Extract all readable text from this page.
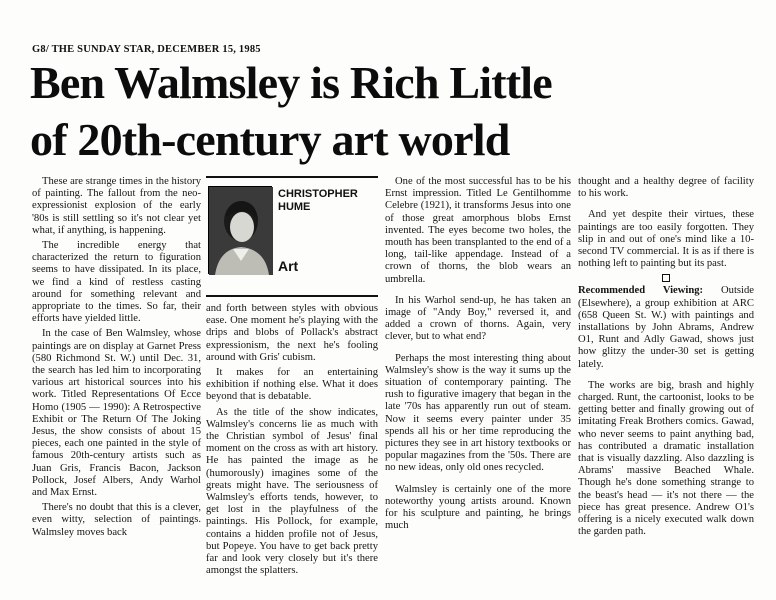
G8/ THE SUNDAY STAR, DECEMBER 15, 1985
Ben Walmsley is Rich Little
of 20th-century art world

These are strange times in the history of painting. The fallout from the neo-expressionist explosion of the early '80s is still settling so it's not clear yet what, if anything, is happening.

The incredible energy that characterized the return to figuration seems to have dissipated. In its place, we find a kind of restless casting around for something relevant and appropriate to the times. So far, their efforts have yielded little.

In the case of Ben Walmsley, whose paintings are on display at Garnet Press (580 Richmond St. W.) until Dec. 31, the search has led him to incorporating various art historical sources into his work. Titled Representations Of Ecce Homo (1905 — 1990): A Retrospective Exhibit or The Return Of The Joking Jesus, the show consists of about 15 pieces, each one painted in the style of famous 20th-century artists such as Juan Gris, Francis Bacon, Jackson Pollock, Josef Albers, Andy Warhol and Max Ernst.

There's no doubt that this is a clever, even witty, selection of paintings. Walmsley moves back

CHRISTOPHER
HUME
Art

and forth between styles with obvious ease. One moment he's playing with the drips and blobs of Pollack's abstract expressionism, the next he's fooling around with Gris' cubism.

It makes for an entertaining exhibition if nothing else. What it does beyond that is debatable.

As the title of the show indicates, Walmsley's concerns lie as much with the Christian symbol of Jesus' final moment on the cross as with art history. He has painted the image as he (humorously) imagines some of the greats might have. The seriousness of Walmsley's efforts tends, however, to get lost in the playfulness of the paintings. His Pollock, for example, contains a hidden profile not of Jesus, but Popeye. You have to get back pretty far and look very closely but it's there amongst the splatters.

One of the most successful has to be his Ernst impression. Titled Le Gentilhomme Celebre (1921), it transforms Jesus into one of those great amorphous blobs Ernst invented. The eyes become two holes, the mouth has been transplanted to the end of a long, tail-like appendage. Instead of a crown of thorns, the blob wears an umbrella.

In his Warhol send-up, he has taken an image of "Andy Boy," reversed it, and added a crown of thorns. Again, very clever, but to what end?

Perhaps the most interesting thing about Walmsley's show is the way it sums up the situation of contemporary painting. The rush to figurative imagery that began in the late '70s has apparently run out of steam. Now it seems every painter under 35 spends all his or her time reproducing the pictures they see in art history textbooks or popular magazines from the '50s. There are no new ideas, only old ones recycled.

Walmsley is certainly one of the more noteworthy young artists around. Known for his sculpture and painting, he brings much

thought and a healthy degree of facility to his work.

And yet despite their virtues, these paintings are too easily forgotten. They slip in and out of one's mind like a 10-second TV commercial. It is as if there is nothing left to painting but its past.

Recommended Viewing: Outside (Elsewhere), a group exhibition at ARC (658 Queen St. W.) with paintings and installations by John Abrams, Andrew O1, Runt and Adly Gawad, shows just how glitzy the under-30 set is getting lately.

The works are big, brash and highly charged. Runt, the cartoonist, looks to be getting better and finally growing out of imitating Freak Brothers comics. Gawad, who never seems to paint anything bad, has contributed a dramatic installation that is visually dazzling. Also dazzling is Abrams' massive Beached Whale. Though he's done something strange to the beast's head — it's not there — the piece has great presence. Andrew O1's offering is a nicely executed walk down the garden path.
